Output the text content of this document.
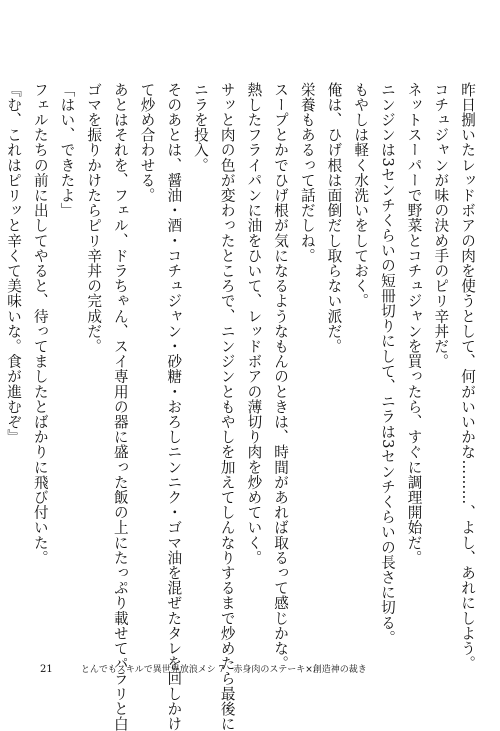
昨日捌いたレッドボアの肉を使うとして、何がいいかな………、よし、あれにしよう。
コチュジャンが味の決め手のピリ辛丼だ。
ネットスーパーで野菜とコチュジャンを買ったら、すぐに調理開始だ。
ニンジンは3センチくらいの短冊切りにして、ニラは3センチくらいの長さに切る。
もやしは軽く水洗いをしておく。
俺は、ひげ根は面倒だし取らない派だ。
栄養もあるって話だしね。
スープとかでひげ根が気になるようなもんのときは、時間があれば取るって感じかな。
熱したフライパンに油をひいて、レッドボアの薄切り肉を炒めていく。
サッと肉の色が変わったところで、ニンジンともやしを加えてしんなりするまで炒めたら最後に
ニラを投入。
そのあとは、醤油・酒・コチュジャン・砂糖・おろしニンニク・ゴマ油を混ぜたタレを回しかけ
て炒め合わせる。
あとはそれを、フェル、ドラちゃん、スイ専用の器に盛った飯の上にたっぷり載せてパラリと白
ゴマを振りかけたらピリ辛丼の完成だ。
「はい、できたよ」
フェルたちの前に出してやると、待ってましたとばかりに飛び付いた。
『む、これはピリッと辛くて美味いな。食が進むぞ』
21	とんでもスキルで異世界放浪メシ 7　赤身肉のステーキ×創造神の裁き
